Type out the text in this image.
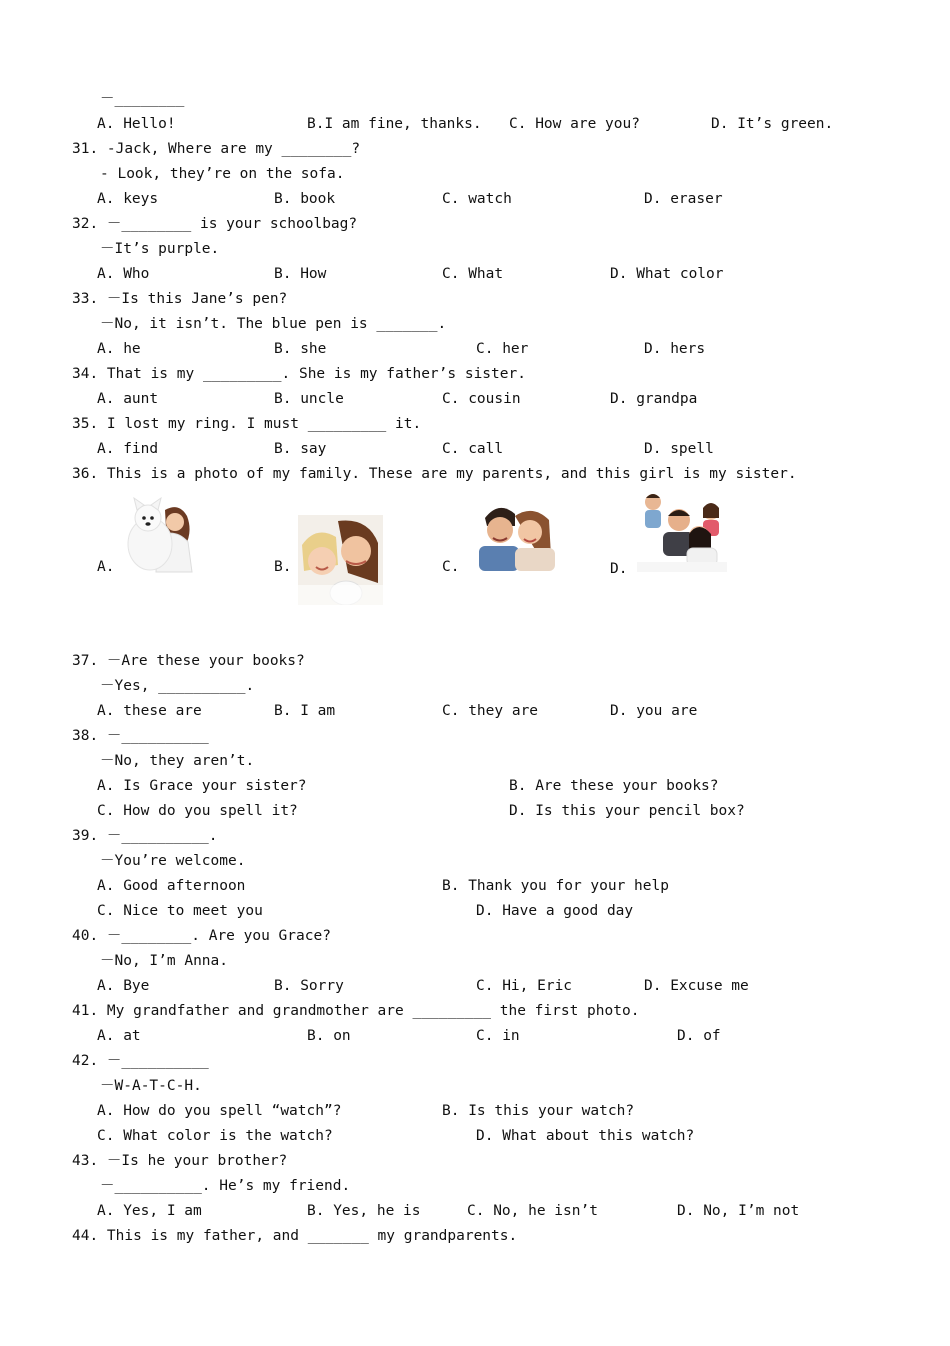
－________
A. Hello!	B.I am fine, thanks. C. How are you?	D. It’s green.
31. -Jack, Where are my ________?
- Look, they’re on the sofa.
A. keys	B. book	C. watch	D. eraser
32. －________ is your schoolbag?
－It’s purple.
A. Who	B. How	C. What	D. What color
33. －Is this Jane’s pen?
－No, it isn’t. The blue pen is _______.
A. he	B. she	C. her	D. hers
34. That is my _________. She is my father’s sister.
A. aunt	B. uncle	C. cousin	D. grandpa
35. I lost my ring. I must _________ it.
A. find	B. say	C. call	D. spell
36. This is a photo of my family. These are my parents, and this girl is my sister.
A.	B.	C.	D.
37. －Are these your books?
－Yes, __________.
A. these are	B. I am	C. they are	D. you are
38. －__________
－No, they aren’t.
A. Is Grace your sister?	B. Are these your books?
C. How do you spell it?	D. Is this your pencil box?
39. －__________.
－You’re welcome.
A. Good afternoon	B. Thank you for your help
C. Nice to meet you	D. Have a good day
40. －________. Are you Grace?
－No, I’m Anna.
A. Bye	B. Sorry	C. Hi, Eric	D. Excuse me
41. My grandfather and grandmother are _________ the first photo.
A. at	B. on	C. in	D. of
42. －__________
－W-A-T-C-H.
A. How do you spell “watch”?	B. Is this your watch?
C. What color is the watch?	D. What about this watch?
43. －Is he your brother?
－__________. He’s my friend.
A. Yes, I am	B. Yes, he is	C. No, he isn’t	D. No, I’m not
44. This is my father, and _______ my grandparents.
